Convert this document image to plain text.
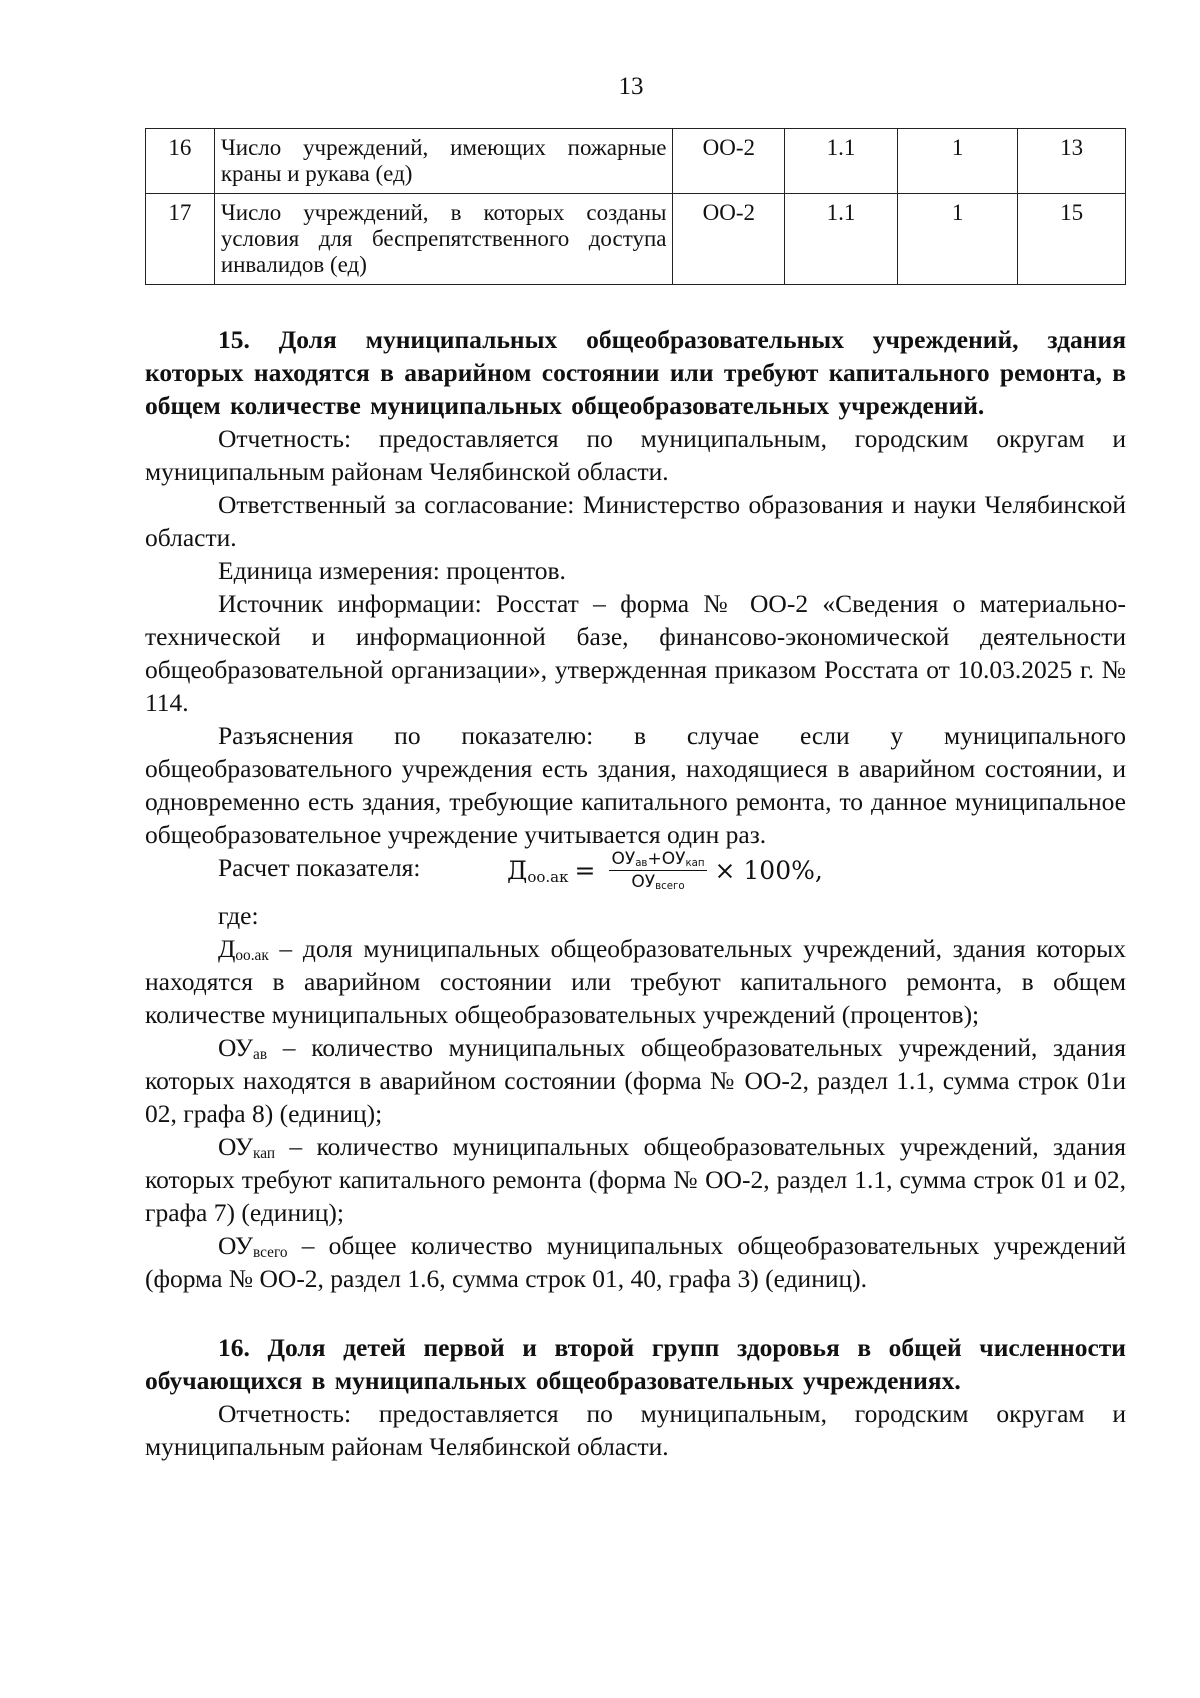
13
16	Число учреждений, имеющих пожарные краны и рукава (ед)	ОО-2	1.1	1	13
17	Число учреждений, в которых созданы условия для беспрепятственного доступа инвалидов (ед)	ОО-2	1.1	1	15

15. Доля муниципальных общеобразовательных учреждений, здания которых находятся в аварийном состоянии или требуют капитального ремонта, в общем количестве муниципальных общеобразовательных учреждений.

Отчетность: предоставляется по муниципальным, городским округам и муниципальным районам Челябинской области.

Ответственный за согласование: Министерство образования и науки Челябинской области.

Единица измерения: процентов.

Источник информации: Росстат – форма № ОО-2 «Сведения о материально-технической и информационной базе, финансово-экономической деятельности общеобразовательной организации», утвержденная приказом Росстата от 10.03.2025 г. № 114.

Разъяснения по показателю: в случае если у муниципального общеобразовательного учреждения есть здания, находящиеся в аварийном состоянии, и одновременно есть здания, требующие капитального ремонта, то данное муниципальное общеобразовательное учреждение учитывается один раз.

Расчет показателя:	$Д_{оо.ак} = \frac{ОУ_{ав}+ОУ_{кап}}{ОУ_{всего}} \times 100\%$,

где:

$Д_{оо.ак}$ – доля муниципальных общеобразовательных учреждений, здания которых находятся в аварийном состоянии или требуют капитального ремонта, в общем количестве муниципальных общеобразовательных учреждений (процентов);

$ОУ_{ав}$ – количество муниципальных общеобразовательных учреждений, здания которых находятся в аварийном состоянии (форма № ОО-2, раздел 1.1, сумма строк 01и 02, графа 8) (единиц);

$ОУ_{кап}$ – количество муниципальных общеобразовательных учреждений, здания которых требуют капитального ремонта (форма № ОО-2, раздел 1.1, сумма строк 01 и 02, графа 7) (единиц);

$ОУ_{всего}$ – общее количество муниципальных общеобразовательных учреждений (форма № ОО-2, раздел 1.6, сумма строк 01, 40, графа 3) (единиц).

16. Доля детей первой и второй групп здоровья в общей численности обучающихся в муниципальных общеобразовательных учреждениях.

Отчетность: предоставляется по муниципальным, городским округам и муниципальным районам Челябинской области.
